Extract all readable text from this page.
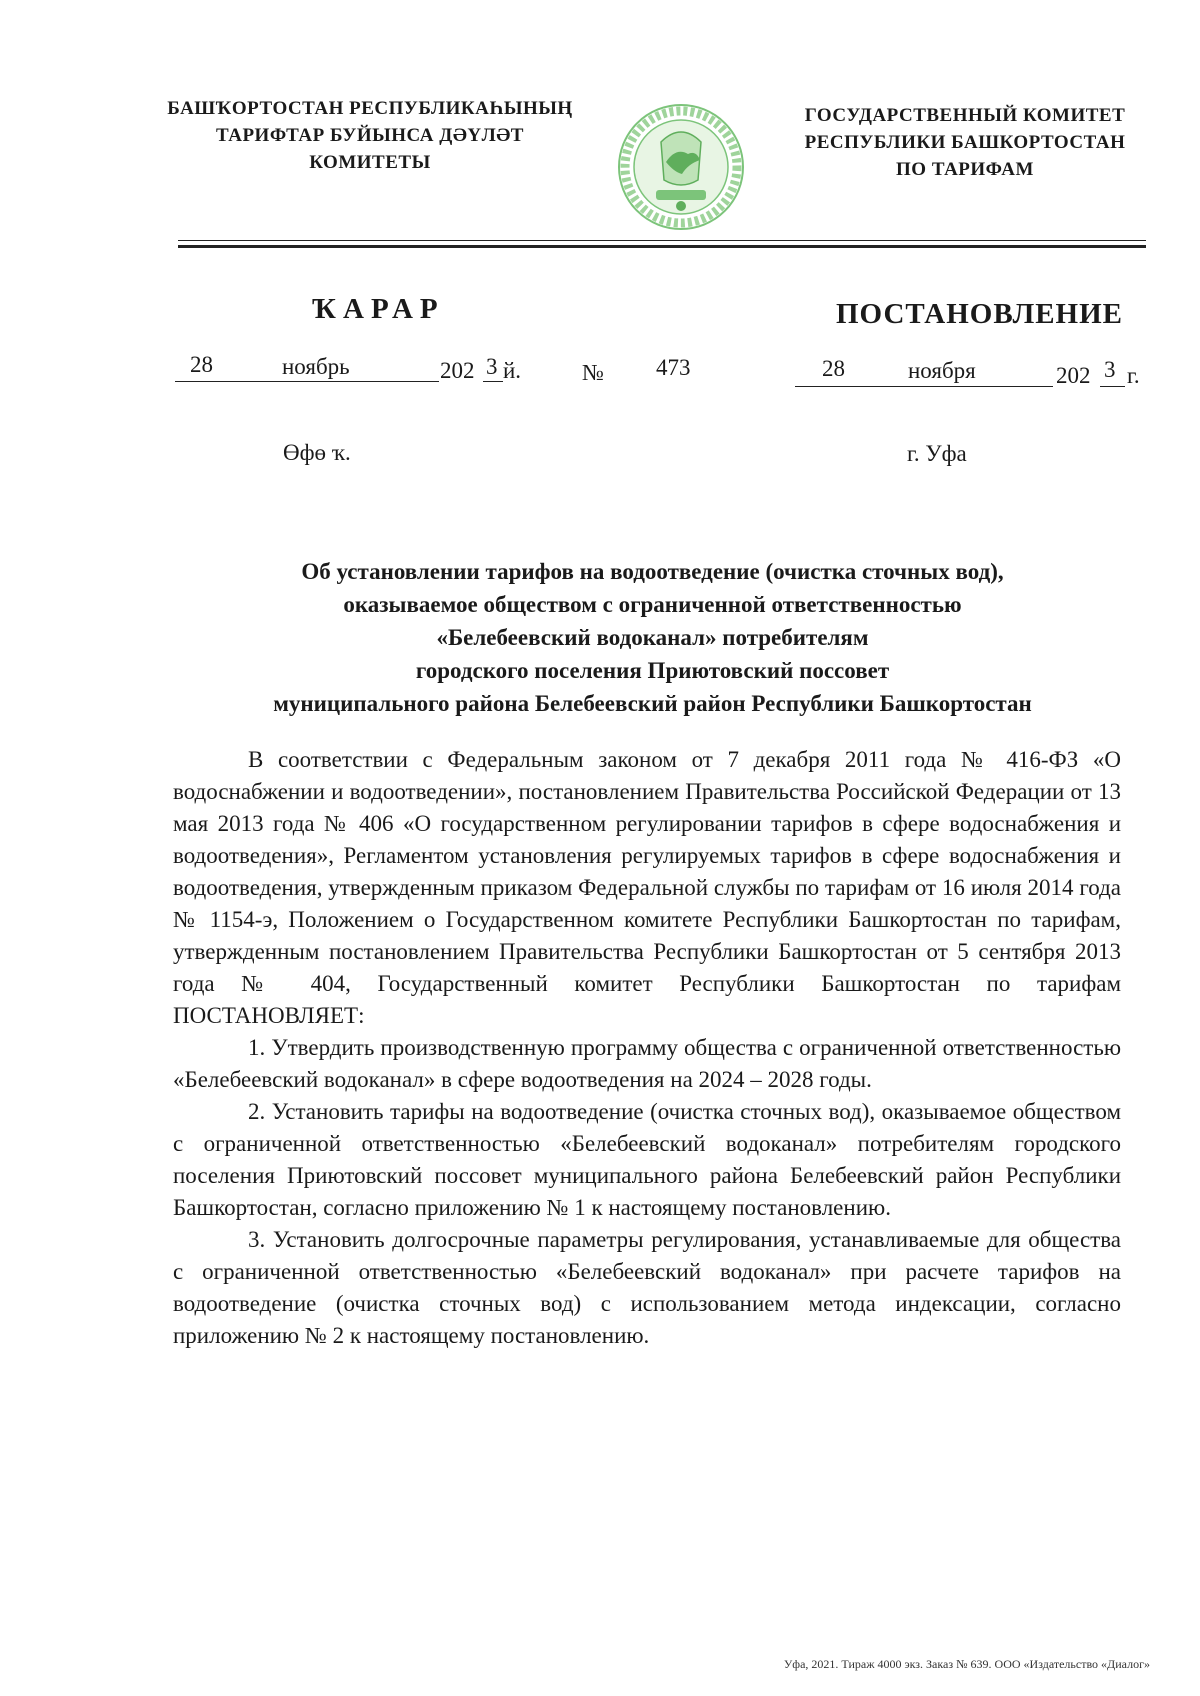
БАШҠОРТОСТАН РЕСПУБЛИКАҺЫНЫҢ
ТАРИФТАР БУЙЫНСА ДӘҮЛӘТ
КОМИТЕТЫ
ГОСУДАРСТВЕННЫЙ КОМИТЕТ
РЕСПУБЛИКИ БАШКОРТОСТАН
ПО ТАРИФАМ
ҠАРАР	ПОСТАНОВЛЕНИЕ
28	ноябрь	202 3 й.	№ 473	28	ноября	202 3 г.
Өфө ҡ.	г. Уфа
Об установлении тарифов на водоотведение (очистка сточных вод),
оказываемое обществом с ограниченной ответственностью
«Белебеевский водоканал» потребителям
городского поселения Приютовский поссовет
муниципального района Белебеевский район Республики Башкортостан

В соответствии с Федеральным законом от 7 декабря 2011 года № 416-ФЗ «О водоснабжении и водоотведении», постановлением Правительства Российской Федерации от 13 мая 2013 года № 406 «О государственном регулировании тарифов в сфере водоснабжения и водоотведения», Регламентом установления регулируемых тарифов в сфере водоснабжения и водоотведения, утвержденным приказом Федеральной службы по тарифам от 16 июля 2014 года № 1154-э, Положением о Государственном комитете Республики Башкортостан по тарифам, утвержденным постановлением Правительства Республики Башкортостан от 5 сентября 2013 года № 404, Государственный комитет Республики Башкортостан по тарифам ПОСТАНОВЛЯЕТ:

1. Утвердить производственную программу общества с ограниченной ответственностью «Белебеевский водоканал» в сфере водоотведения на 2024 – 2028 годы.

2. Установить тарифы на водоотведение (очистка сточных вод), оказываемое обществом с ограниченной ответственностью «Белебеевский водоканал» потребителям городского поселения Приютовский поссовет муниципального района Белебеевский район Республики Башкортостан, согласно приложению № 1 к настоящему постановлению.

3. Установить долгосрочные параметры регулирования, устанавливаемые для общества с ограниченной ответственностью «Белебеевский водоканал» при расчете тарифов на водоотведение (очистка сточных вод) с использованием метода индексации, согласно приложению № 2 к настоящему постановлению.

Уфа, 2021. Тираж 4000 экз. Заказ № 639. ООО «Издательство «Диалог»
